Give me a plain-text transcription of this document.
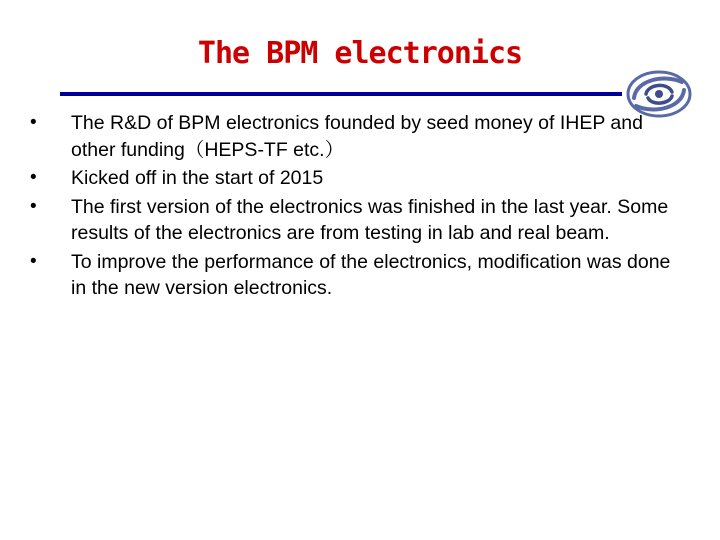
The BPM electronics
• The R&D of BPM electronics founded by seed money of IHEP and other funding（HEPS-TF etc.）
• Kicked off in the start of 2015
• The first version of the electronics was finished in the last year. Some results of the electronics are from testing in lab and real beam.
• To improve the performance of the electronics, modification was done in the new version electronics.
